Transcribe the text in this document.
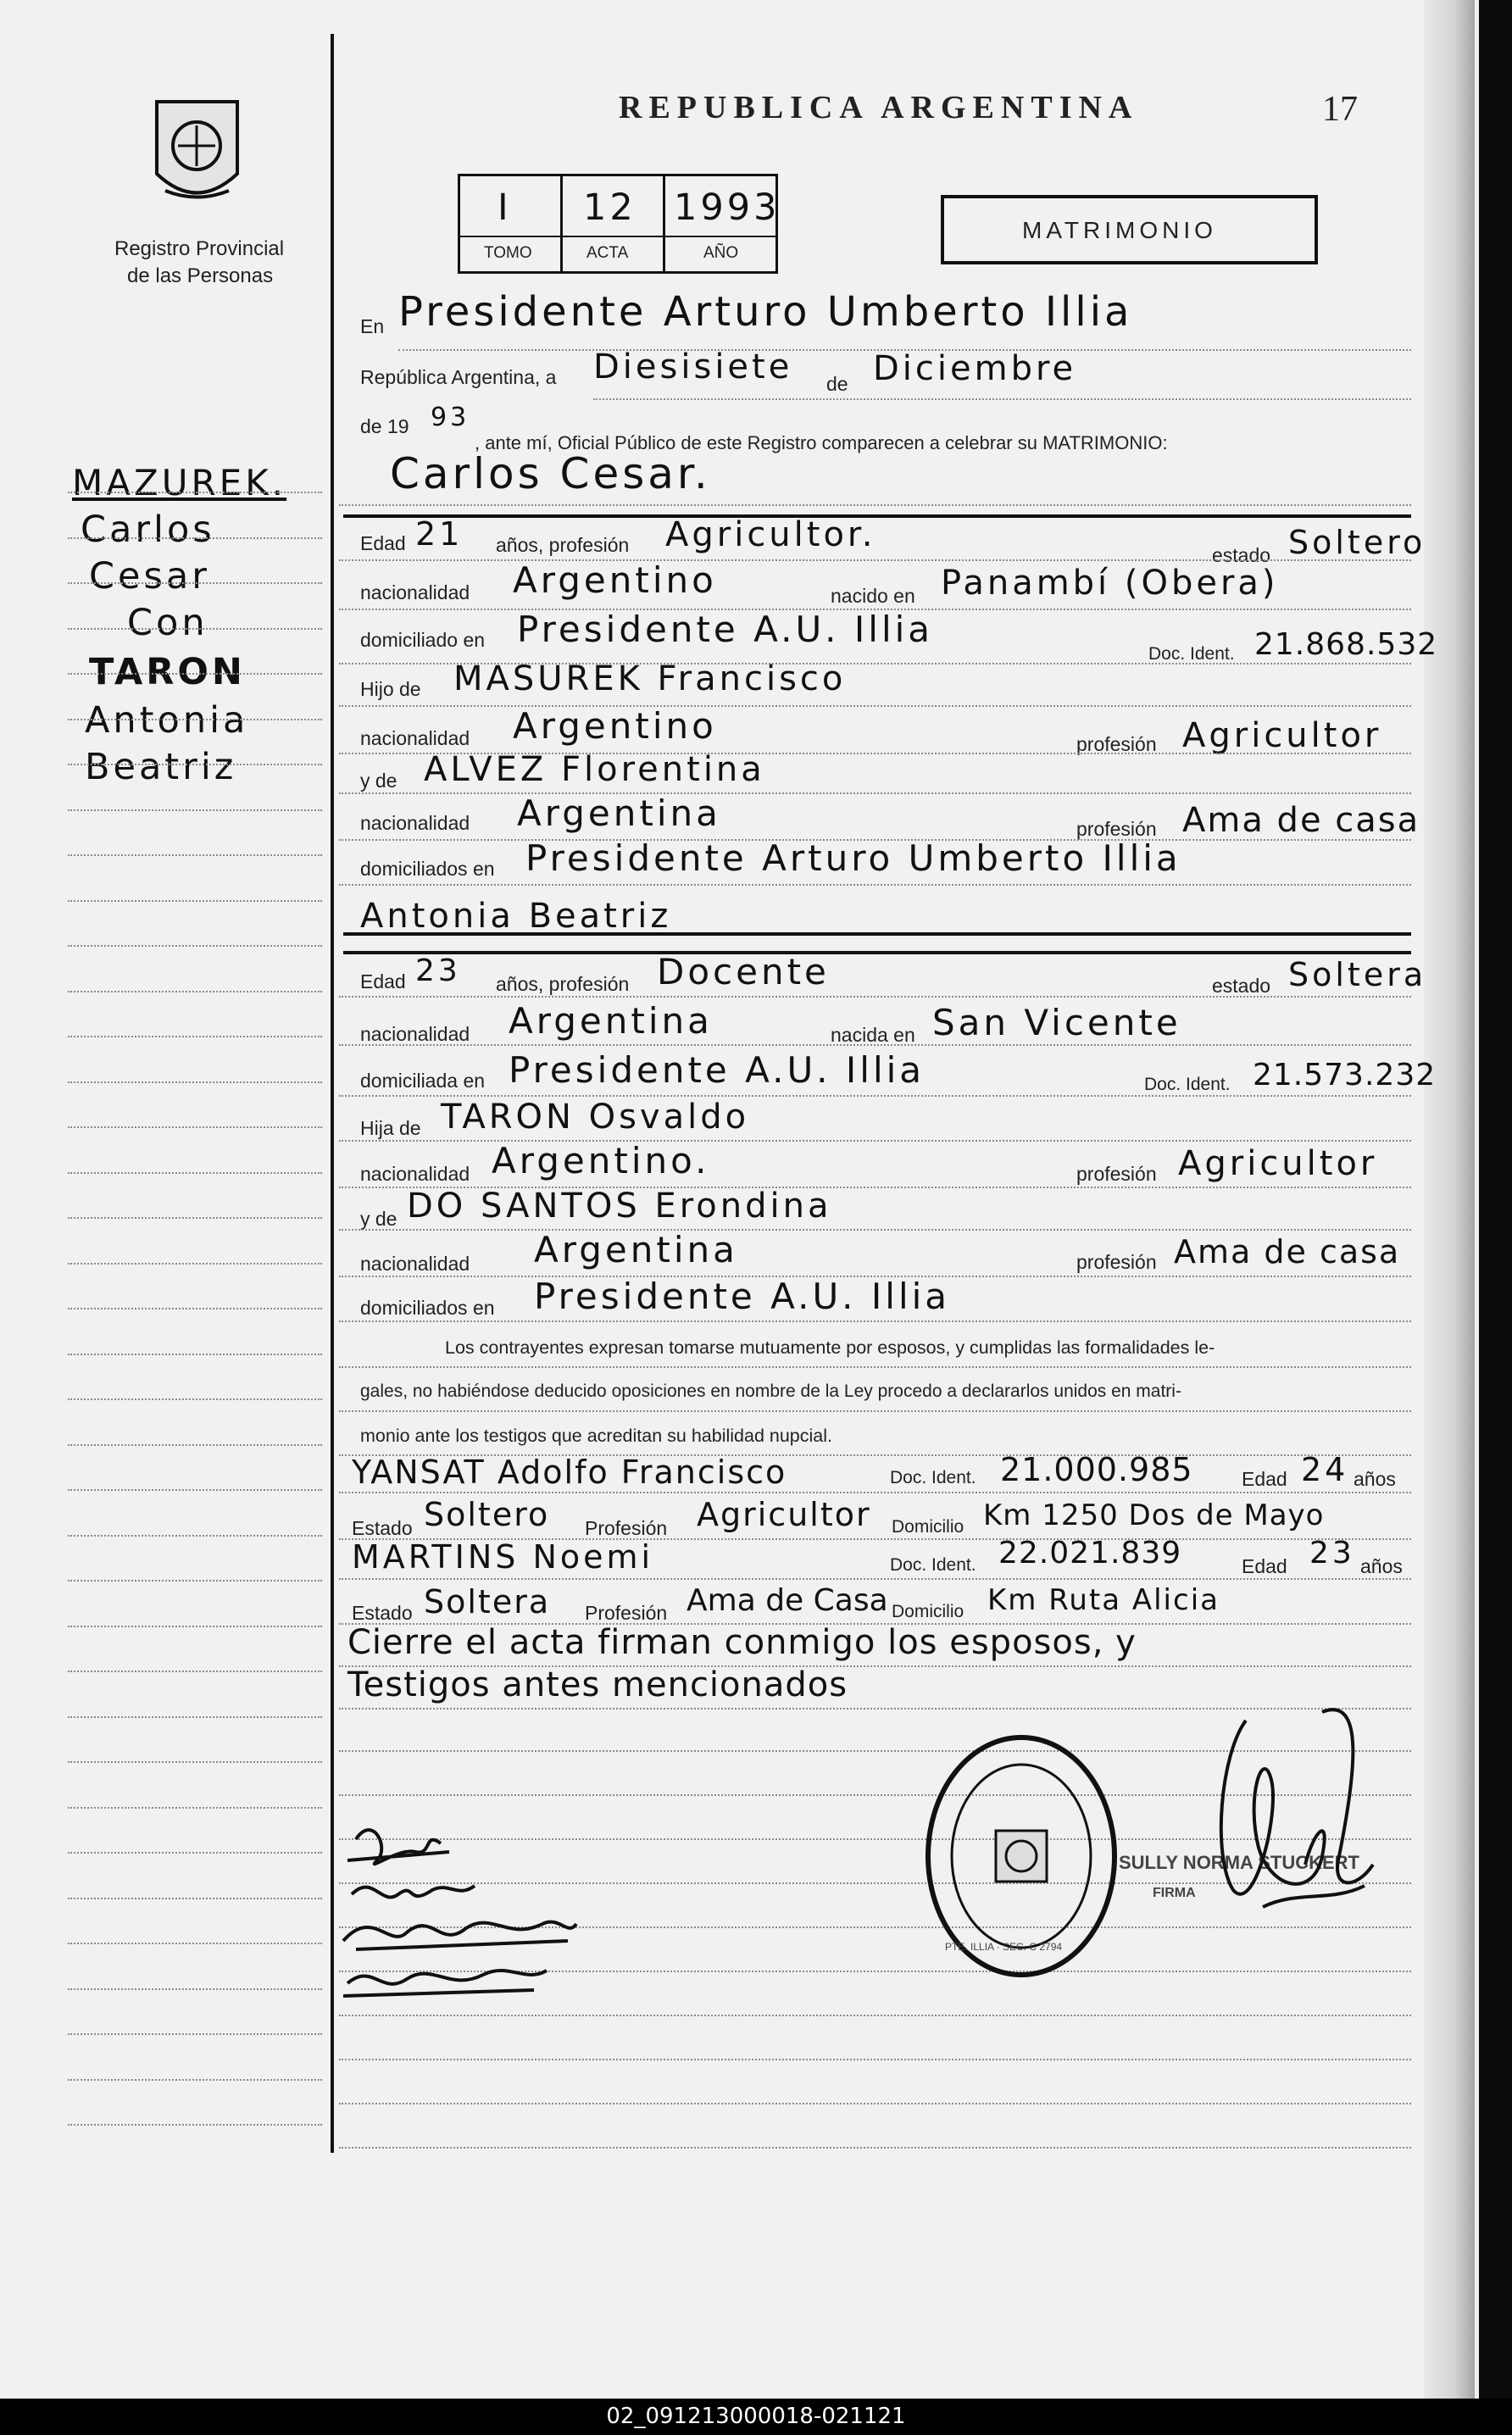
Registro Provincial
de las Personas
REPUBLICA ARGENTINA	17
I
TOMO
12
ACTA
1993
AÑO
MATRIMONIO
MAZUREK.
Carlos
Cesar
Con
TARON
Antonia
Beatriz
En Presidente Arturo Umberto Illia
República Argentina, a Diesisiete de Diciembre
de 19 93
, ante mí, Oficial Público de este Registro comparecen a celebrar su MATRIMONIO:
Carlos Cesar.
Edad 21 años, profesión Agricultor.
estado Soltero
nacionalidad Argentino	nacido en Panambí (Obera)
domiciliado en Presidente A.U. Illia
Doc. Ident. 21.868.532
Hijo de MASUREK Francisco
nacionalidad Argentino	profesión Agricultor
y de ALVEZ Florentina
nacionalidad Argentina	profesión Ama de casa
domiciliados en Presidente Arturo Umberto Illia
Antonia Beatriz
Edad 23 años, profesión Docente	estado Soltera
nacionalidad Argentina	nacida en San Vicente
domiciliada en Presidente A.U. Illia	Doc. Ident. 21.573.232
Hija de TARON Osvaldo
nacionalidad Argentino.	profesión Agricultor
y de DO SANTOS Erondina
nacionalidad Argentina	profesión Ama de casa
domiciliados en Presidente A.U. Illia
Los contrayentes expresan tomarse mutuamente por esposos, y cumplidas las formalidades le-
gales, no habiéndose deducido oposiciones en nombre de la Ley procedo a declararlos unidos en matri-
monio ante los testigos que acreditan su habilidad nupcial.
YANSAT Adolfo Francisco	Doc. Ident. 21.000.985 Edad 24 años
Estado Soltero Profesión Agricultor Domicilio Km 1250 Dos de Mayo
MARTINS Noemi	Doc. Ident. 22.021.839	Edad 23 años
Estado Soltera Profesión Ama de Casa Domicilio Km Ruta Alicia
Cierre el acta firman conmigo los esposos, y
Testigos antes mencionados
PTE. ILLIA · SEC. C 2794
SULLY NORMA STUCKERT
FIRMA
02_091213000018-021121
